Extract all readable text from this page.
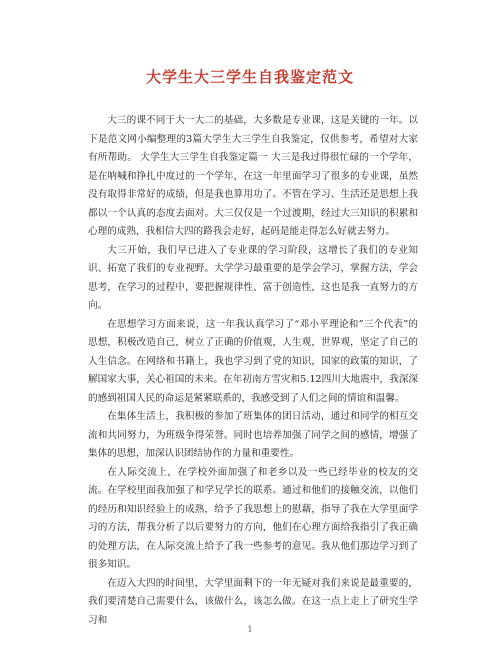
大学生大三学生自我鉴定范文

大三的课不同于大一大二的基础，大多数是专业课，这是关键的一年。以下是范文网小编整理的3篇大学生大三学生自我鉴定，仅供参考，希望对大家有所帮助。 大学生大三学生自我鉴定篇一 大三是我过得很忙碌的一个学年，是在呐喊和挣扎中度过的一个学年，在这一年里面学习了很多的专业课，虽然没有取得非常好的成绩，但是我也算用功了。不管在学习、生活还是思想上我都以一个认真的态度去面对。大三仅仅是一个过渡期，经过大三知识的积累和心理的成熟，我相信大四的路我会走好，起码是能走得怎么好就去努力。

大三开始，我们早已进入了专业课的学习阶段，这增长了我们的专业知识、拓宽了我们的专业视野。大学学习最重要的是学会学习，掌握方法，学会思考，在学习的过程中，要把握规律性、富于创造性，这也是我一直努力的方向。

在思想学习方面来说，这一年我认真学习了“邓小平理论和”三个代表”的思想，积极改造自己，树立了正确的价值观，人生观，世界观，坚定了自己的人生信念。在网络和书籍上，我也学习到了党的知识，国家的政策的知识，了解国家大事，关心祖国的未来。在年初南方雪灾和5.12四川大地震中，我深深的感到祖国人民的命运是紧紧联系的，我感受到了人们之间的情谊和温馨。

在集体生活上，我积极的参加了班集体的团日活动，通过和同学的相互交流和共同努力，为班级争得荣誉。同时也培养加强了同学之间的感情，增强了集体的思想，加深认识团结协作的力量和重要性。

在人际交流上，在学校外面加强了和老乡以及一些已经毕业的校友的交流。在学校里面我加强了和学兄学长的联系。通过和他们的接触交流，以他们的经历和知识经验上的成熟，给予了我思想上的慰藉，指导了我在大学里面学习的方法，帮我分析了以后要努力的方向，他们在心理方面给我指引了我正确的处理方法，在人际交流上给予了我一些参考的意见。我从他们那边学习到了很多知识。

在迈入大四的时间里，大学里面剩下的一年无疑对我们来说是最重要的，我们要清楚自己需要什么，该做什么，该怎么做。在这一点上走上了研究生学习和

1
